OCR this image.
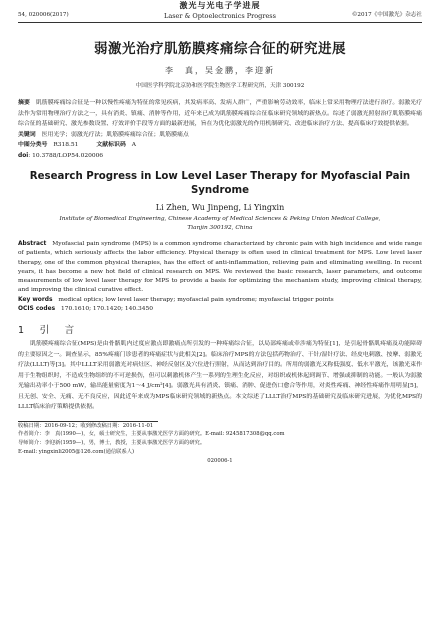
54, 020006(2017)
激光与光电子学进展
Laser & Optoelectronics Progress	©2017《中国激光》杂志社
弱激光治疗肌筋膜疼痛综合征的研究进展
李　真，吴金鹏，李迎新
中国医学科学院北京协和医学院生物医学工程研究所，天津 300192
摘要　 肌筋膜疼痛综合征是一种以慢性疼痛为特征的常见疾病，其发病率高、发病人群广，严重影响劳动效率，临床上常采用物理疗法进行治疗。弱激光疗法作为常用物理治疗方法之一，具有消炎、镇痛、消肿等作用，近年来已成为肌筋膜疼痛综合征临床研究领域的新热点。综述了弱激光照射治疗肌筋膜疼痛综合征的基础研究、激光参数设置、疗效评价手段等方面的最新进展，旨在为优化弱激光的作用机制研究、改进临床治疗方法、提高临床疗效提供依据。
关键词　 医用光学；弱激光疗法；肌筋膜疼痛综合征；肌筋膜痛点
中图分类号　 R318.51	文献标识码　 A
doi: 10.3788/LOP54.020006
Research Progress in Low Level Laser Therapy for Myofascial Pain Syndrome
Li Zhen, Wu Jinpeng, Li Yingxin
Institute of Biomedical Engineering, Chinese Academy of Medical Sciences & Peking Union Medical College,
Tianjin 300192, China
Abstract　 Myofascial pain syndrome (MPS) is a common syndrome characterized by chronic pain with high incidence and wide range of patients, which seriously affects the labor efficiency. Physical therapy is often used in clinical treatment for MPS. Low level laser therapy, one of the common physical therapies, has the effect of anti-inflammation, relieving pain and eliminating swelling. In recent years, it has become a new hot field of clinical research on MPS. We reviewed the basic research, laser parameters, and outcome measurements of low level laser therapy for MPS to provide a basis for optimizing the mechanism study, improving clinical therapy, and improving the clinical curative effect.
Key words　 medical optics; low level laser therapy; myofascial pain syndrome; myofascial trigger points
OCIS codes　 170.1610; 170.1420; 140.3450
1　 引　言
肌筋膜疼痛综合征(MPS)是由骨骼肌内过度应激点即激痛点所引发的一种疼痛综合征，以局部疼痛或牵涉痛为特征[1]，是引起骨骼肌疼痛及功能障碍的主要原因之一。调查显示，85%疼痛门诊患者的疼痛症状与此相关[2]。临床治疗MPS的方法包括药物治疗、干针/湿针疗法、经皮电刺激、按摩、弱激光疗法(LLLT)等[3]。其中LLLT采用弱激光对病灶区、神经反射区及穴位进行照射，从而达到治疗目的。所用的弱激光又称低强度、低水平激光，该激光束作用于生物组织时，不造成生物组织的不可逆损伤，但可以刺激机体产生一系列的生理生化反应，对组织或机体起到调节、增强或抑制的功能。一般认为弱激光输出功率小于500 mW，输出能量密度为1～4 J/cm²[4]。弱激光具有消炎、镇痛、消肿、促进伤口愈合等作用，对炎性疼痛、神经性疼痛作用明显[5]，且无创、安全、无痛、无不良反应，因此近年来成为MPS临床研究领域的新热点。本文综述了LLLT治疗MPS的基础研究及临床研究进展，为优化MPS的LLLT临床治疗策略提供依据。
收稿日期：2016-09-12；收到修改稿日期：2016-11-01
作者简介：李　真(1990—)，女，硕士研究生，主要从事激光医学方面的研究。E-mail: 9245817308@qq.com
导师简介：李迎新(1959—)，男，博士，教授，主要从事激光医学方面的研究。
E-mail: yingxinli2005@126.com(通信联系人)
020006-1
